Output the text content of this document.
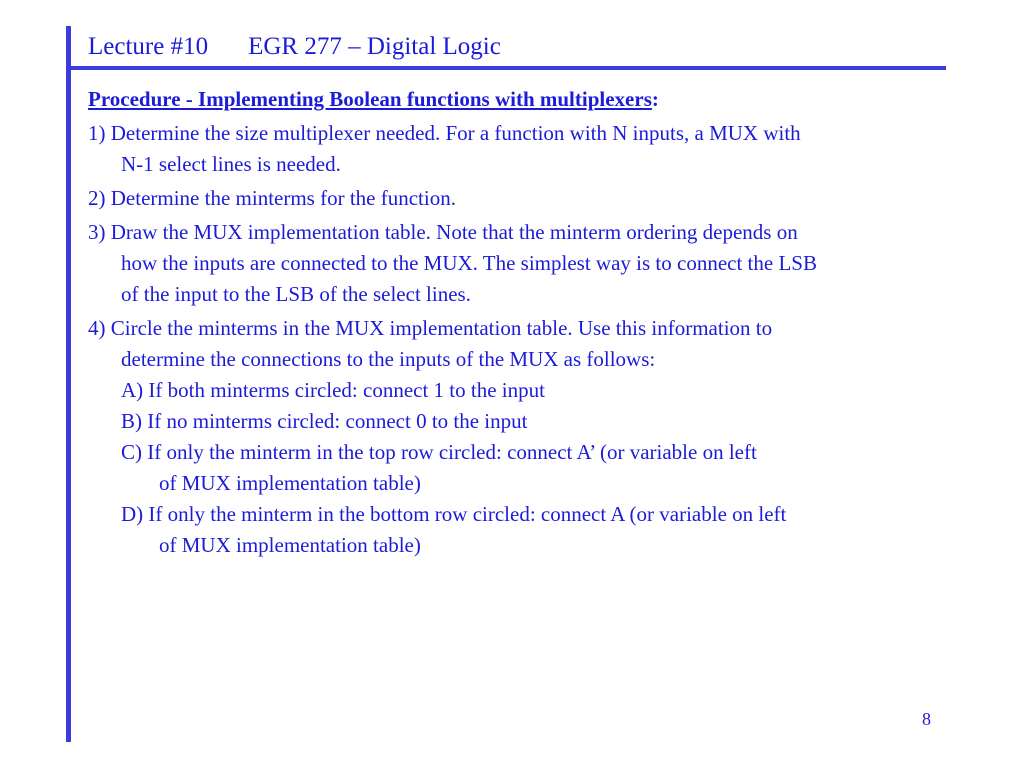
Lecture #10 EGR 277 – Digital Logic
Procedure - Implementing Boolean functions with multiplexers:
1) Determine the size multiplexer needed. For a function with N inputs, a MUX with
N-1 select lines is needed.
2) Determine the minterms for the function.
3) Draw the MUX implementation table. Note that the minterm ordering depends on
how the inputs are connected to the MUX. The simplest way is to connect the LSB
of the input to the LSB of the select lines.
4) Circle the minterms in the MUX implementation table. Use this information to
determine the connections to the inputs of the MUX as follows:
A) If both minterms circled: connect 1 to the input
B) If no minterms circled: connect 0 to the input
C) If only the minterm in the top row circled: connect A’ (or variable on left
of MUX implementation table)
D) If only the minterm in the bottom row circled: connect A (or variable on left
of MUX implementation table)
8
